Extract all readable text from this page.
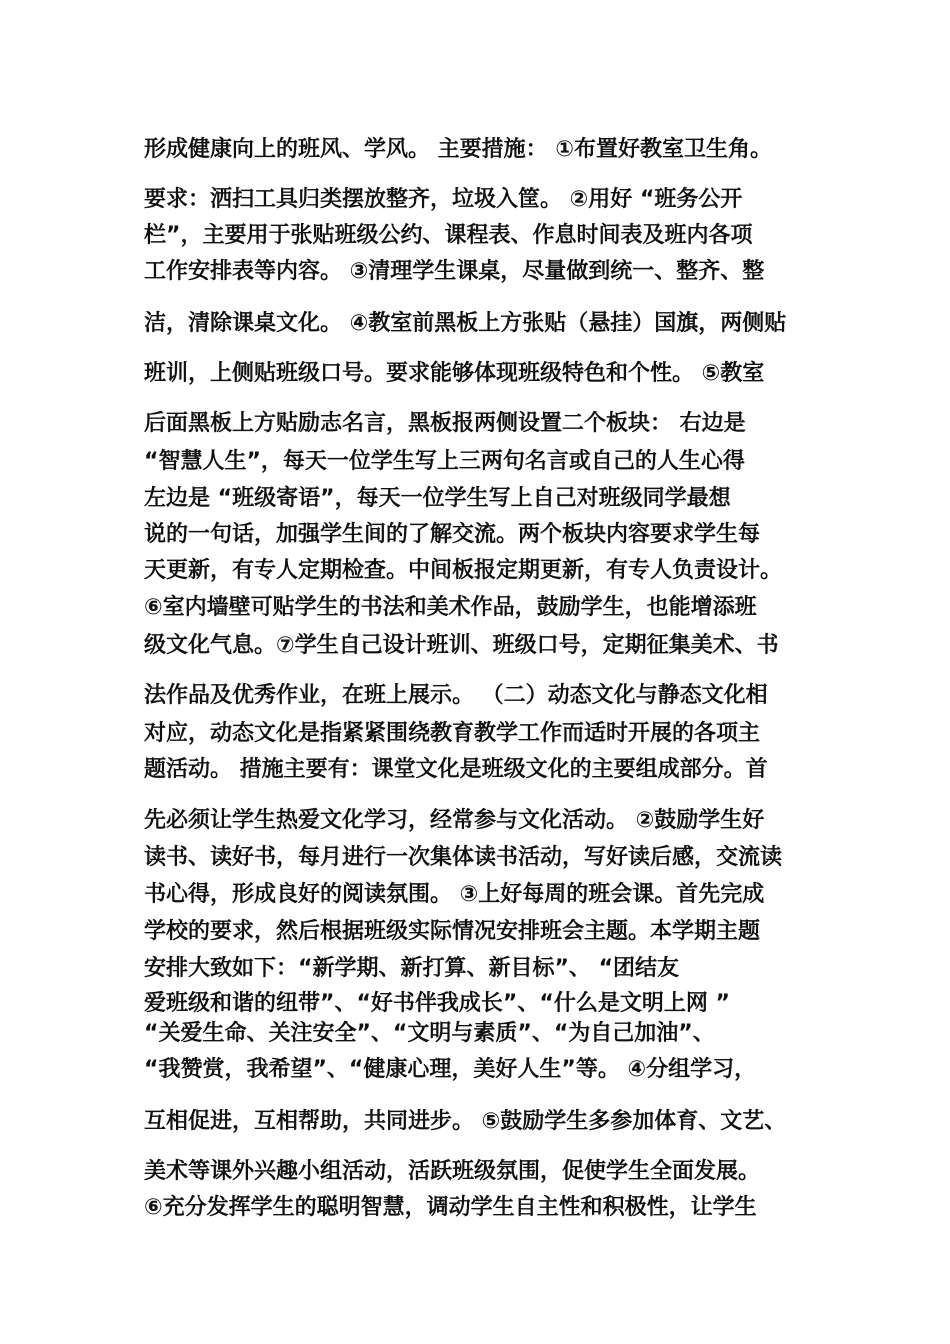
形成健康向上的班风、学风。 主要措施： ①布置好教室卫生角。
要求：洒扫工具归类摆放整齐，垃圾入筐。 ②用好 “班务公开
栏”，主要用于张贴班级公约、课程表、作息时间表及班内各项
工作安排表等内容。 ③清理学生课桌，尽量做到统一、整齐、整
洁，清除课桌文化。 ④教室前黑板上方张贴（悬挂）国旗，两侧贴
班训，上侧贴班级口号。要求能够体现班级特色和个性。 ⑤教室
后面黑板上方贴励志名言，黑板报两侧设置二个板块： 右边是
“智慧人生”，每天一位学生写上三两句名言或自己的人生心得
左边是 “班级寄语”，每天一位学生写上自己对班级同学最想
说的一句话，加强学生间的了解交流。两个板块内容要求学生每
天更新，有专人定期检查。中间板报定期更新，有专人负责设计。
⑥室内墙壁可贴学生的书法和美术作品，鼓励学生，也能增添班
级文化气息。⑦学生自己设计班训、班级口号，定期征集美术、书
法作品及优秀作业，在班上展示。 （二）动态文化与静态文化相
对应，动态文化是指紧紧围绕教育教学工作而适时开展的各项主
题活动。 措施主要有：课堂文化是班级文化的主要组成部分。首
先必须让学生热爱文化学习，经常参与文化活动。 ②鼓励学生好
读书、读好书，每月进行一次集体读书活动，写好读后感，交流读
书心得，形成良好的阅读氛围。 ③上好每周的班会课。首先完成
学校的要求，然后根据班级实际情况安排班会主题。本学期主题
安排大致如下：“新学期、新打算、新目标”、 “团结友
爱班级和谐的纽带”、“好书伴我成长”、“什么是文明上网 ”
“关爱生命、关注安全”、“文明与素质”、“为自己加油”、
“我赞赏，我希望”、“健康心理，美好人生”等。 ④分组学习，
互相促进，互相帮助，共同进步。 ⑤鼓励学生多参加体育、文艺、
美术等课外兴趣小组活动，活跃班级氛围，促使学生全面发展。
⑥充分发挥学生的聪明智慧，调动学生自主性和积极性，让学生
